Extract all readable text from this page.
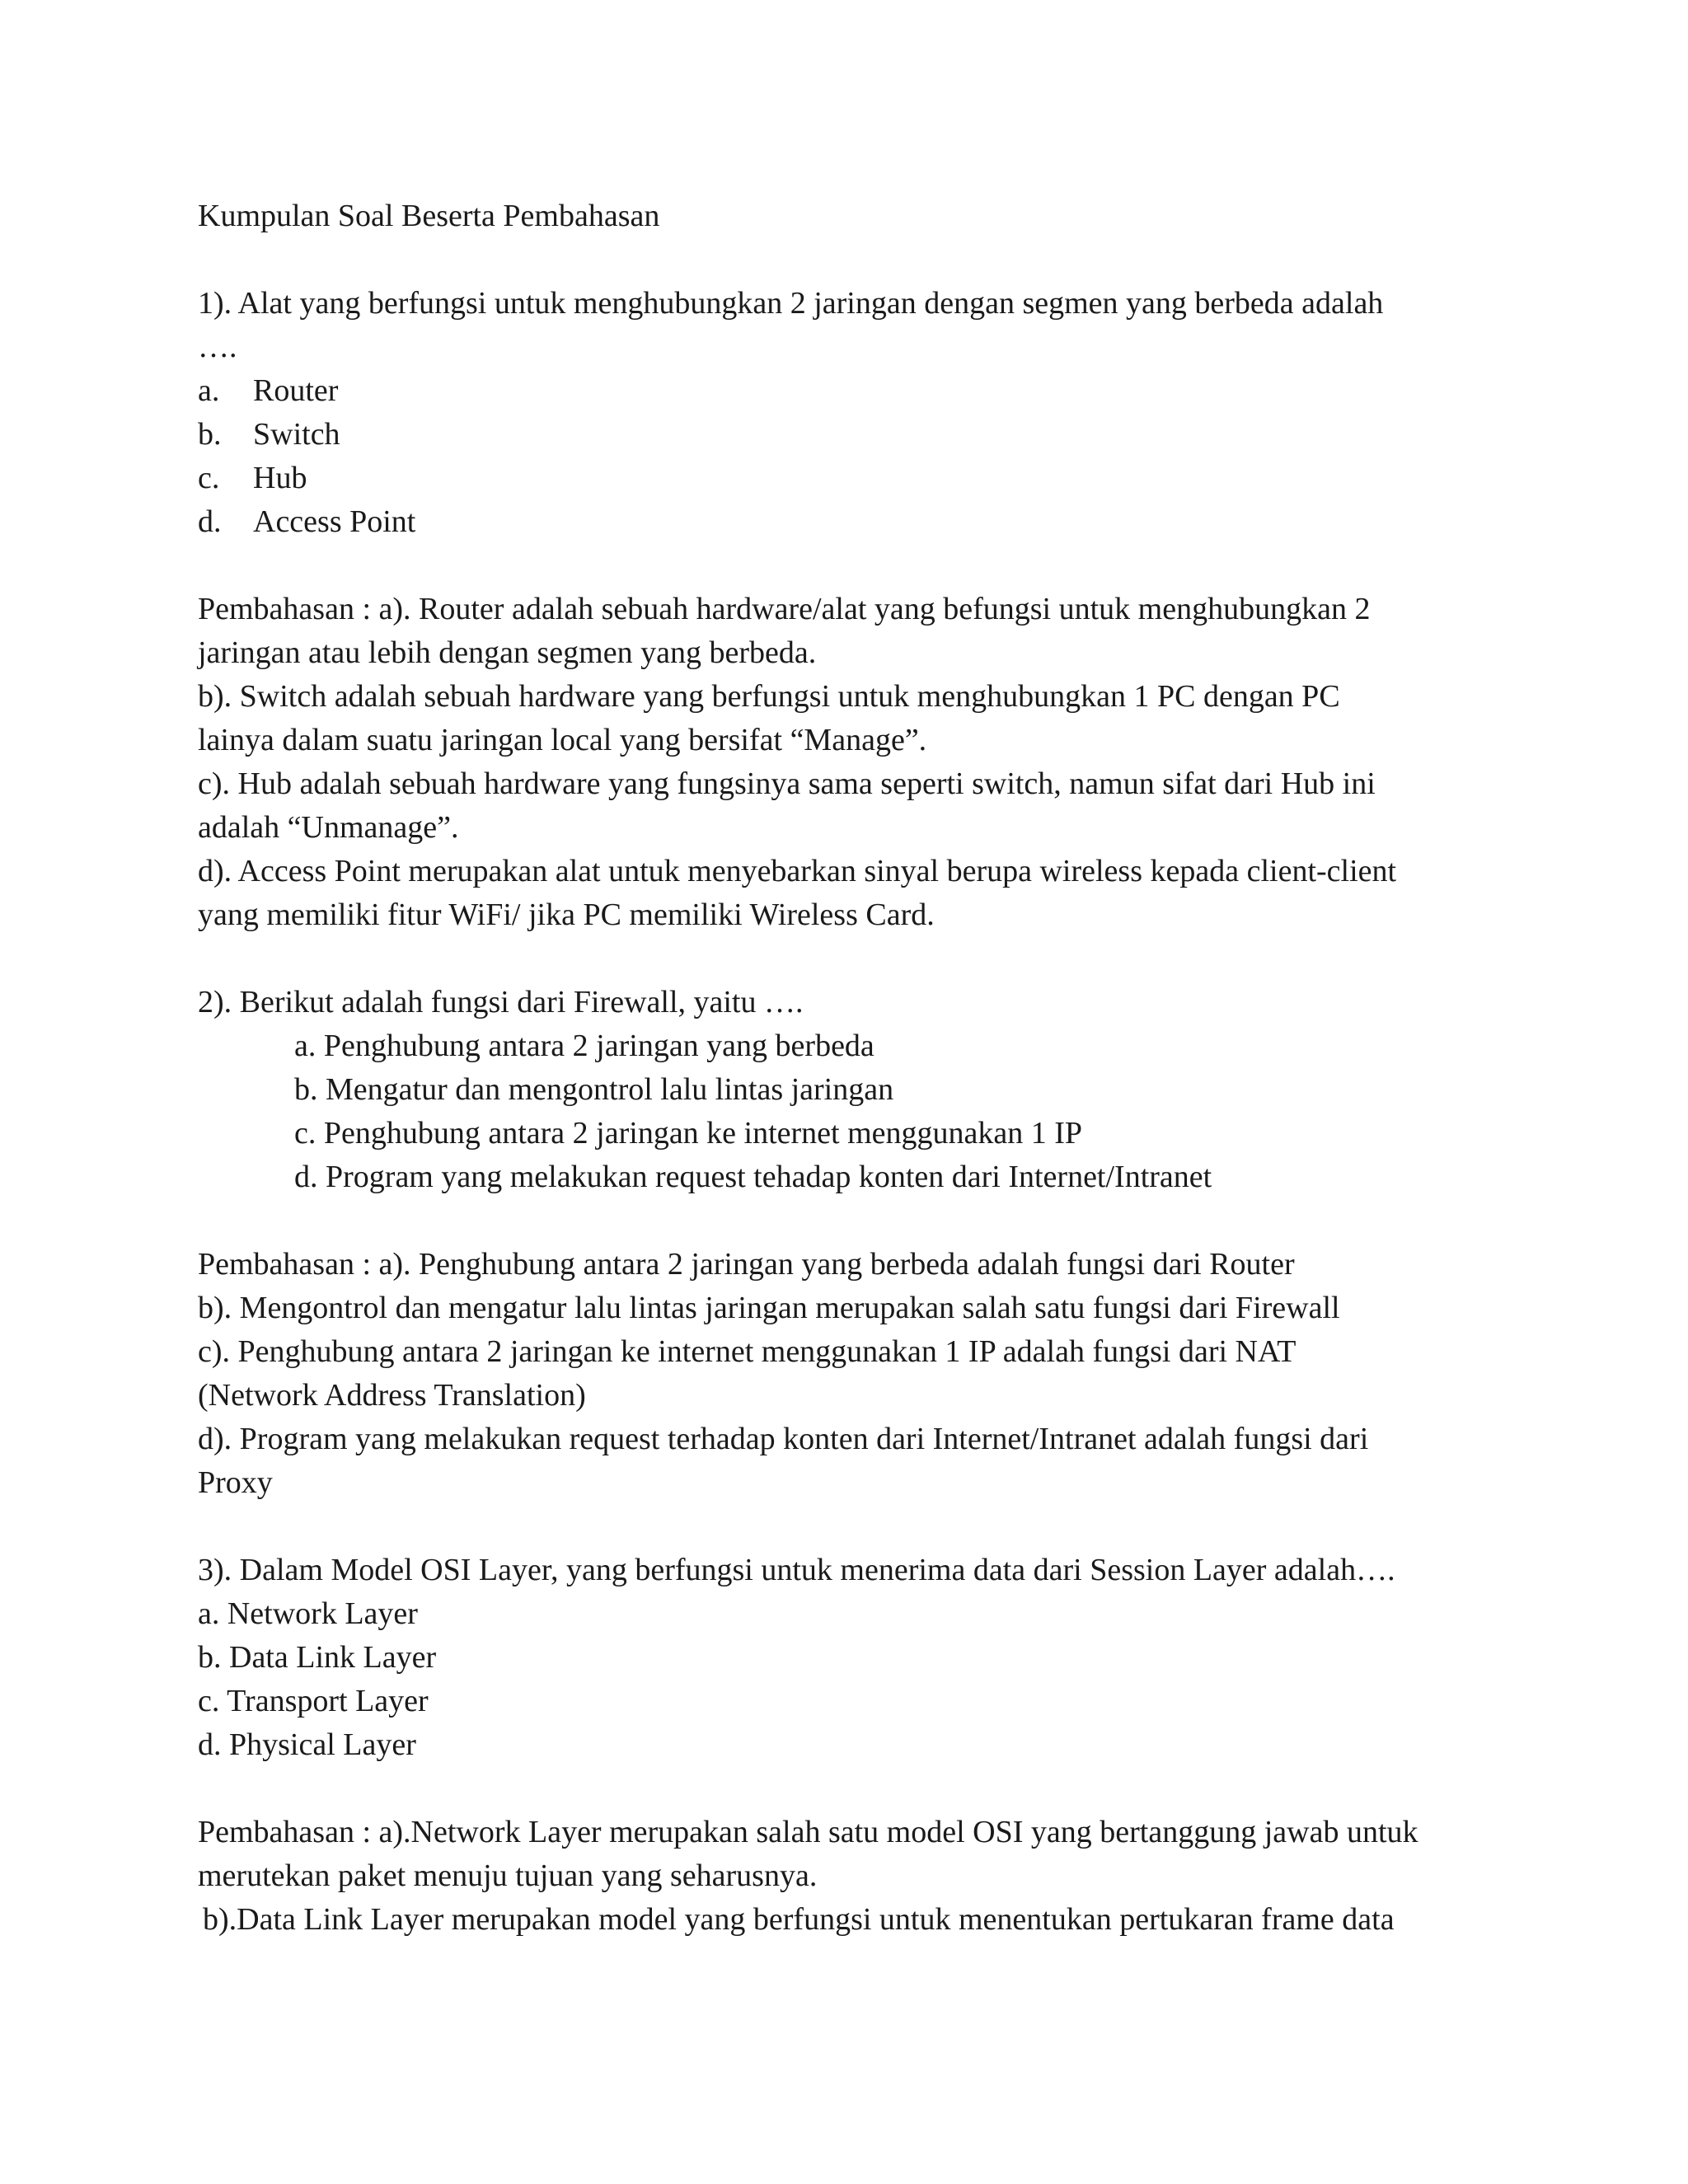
Kumpulan Soal Beserta Pembahasan
1). Alat yang berfungsi untuk menghubungkan 2 jaringan dengan segmen yang berbeda adalah
….
a.	Router
b.	Switch
c.	Hub
d.	Access Point
Pembahasan : a). Router adalah sebuah hardware/alat yang befungsi untuk menghubungkan 2
jaringan atau lebih dengan segmen yang berbeda.
b). Switch adalah sebuah hardware yang berfungsi untuk menghubungkan 1 PC dengan PC
lainya dalam suatu jaringan local yang bersifat “Manage”.
c). Hub adalah sebuah hardware yang fungsinya sama seperti switch, namun sifat dari Hub ini
adalah “Unmanage”.
d). Access Point merupakan alat untuk menyebarkan sinyal berupa wireless kepada client-client
yang memiliki fitur WiFi/ jika PC memiliki Wireless Card.
2). Berikut adalah fungsi dari Firewall, yaitu ….
a. Penghubung antara 2 jaringan yang berbeda
b. Mengatur dan mengontrol lalu lintas jaringan
c. Penghubung antara 2 jaringan ke internet menggunakan 1 IP
d. Program yang melakukan request tehadap konten dari Internet/Intranet
Pembahasan : a). Penghubung antara 2 jaringan yang berbeda adalah fungsi dari Router
b). Mengontrol dan mengatur lalu lintas jaringan merupakan salah satu fungsi dari Firewall
c). Penghubung antara 2 jaringan ke internet menggunakan 1 IP adalah fungsi dari NAT
(Network Address Translation)
d). Program yang melakukan request terhadap konten dari Internet/Intranet adalah fungsi dari
Proxy
3). Dalam Model OSI Layer, yang berfungsi untuk menerima data dari Session Layer adalah….
a. Network Layer
b. Data Link Layer
c. Transport Layer
d. Physical Layer
Pembahasan : a).Network Layer merupakan salah satu model OSI yang bertanggung jawab untuk
merutekan paket menuju tujuan yang seharusnya.
b).Data Link Layer merupakan model yang berfungsi untuk menentukan pertukaran frame data
